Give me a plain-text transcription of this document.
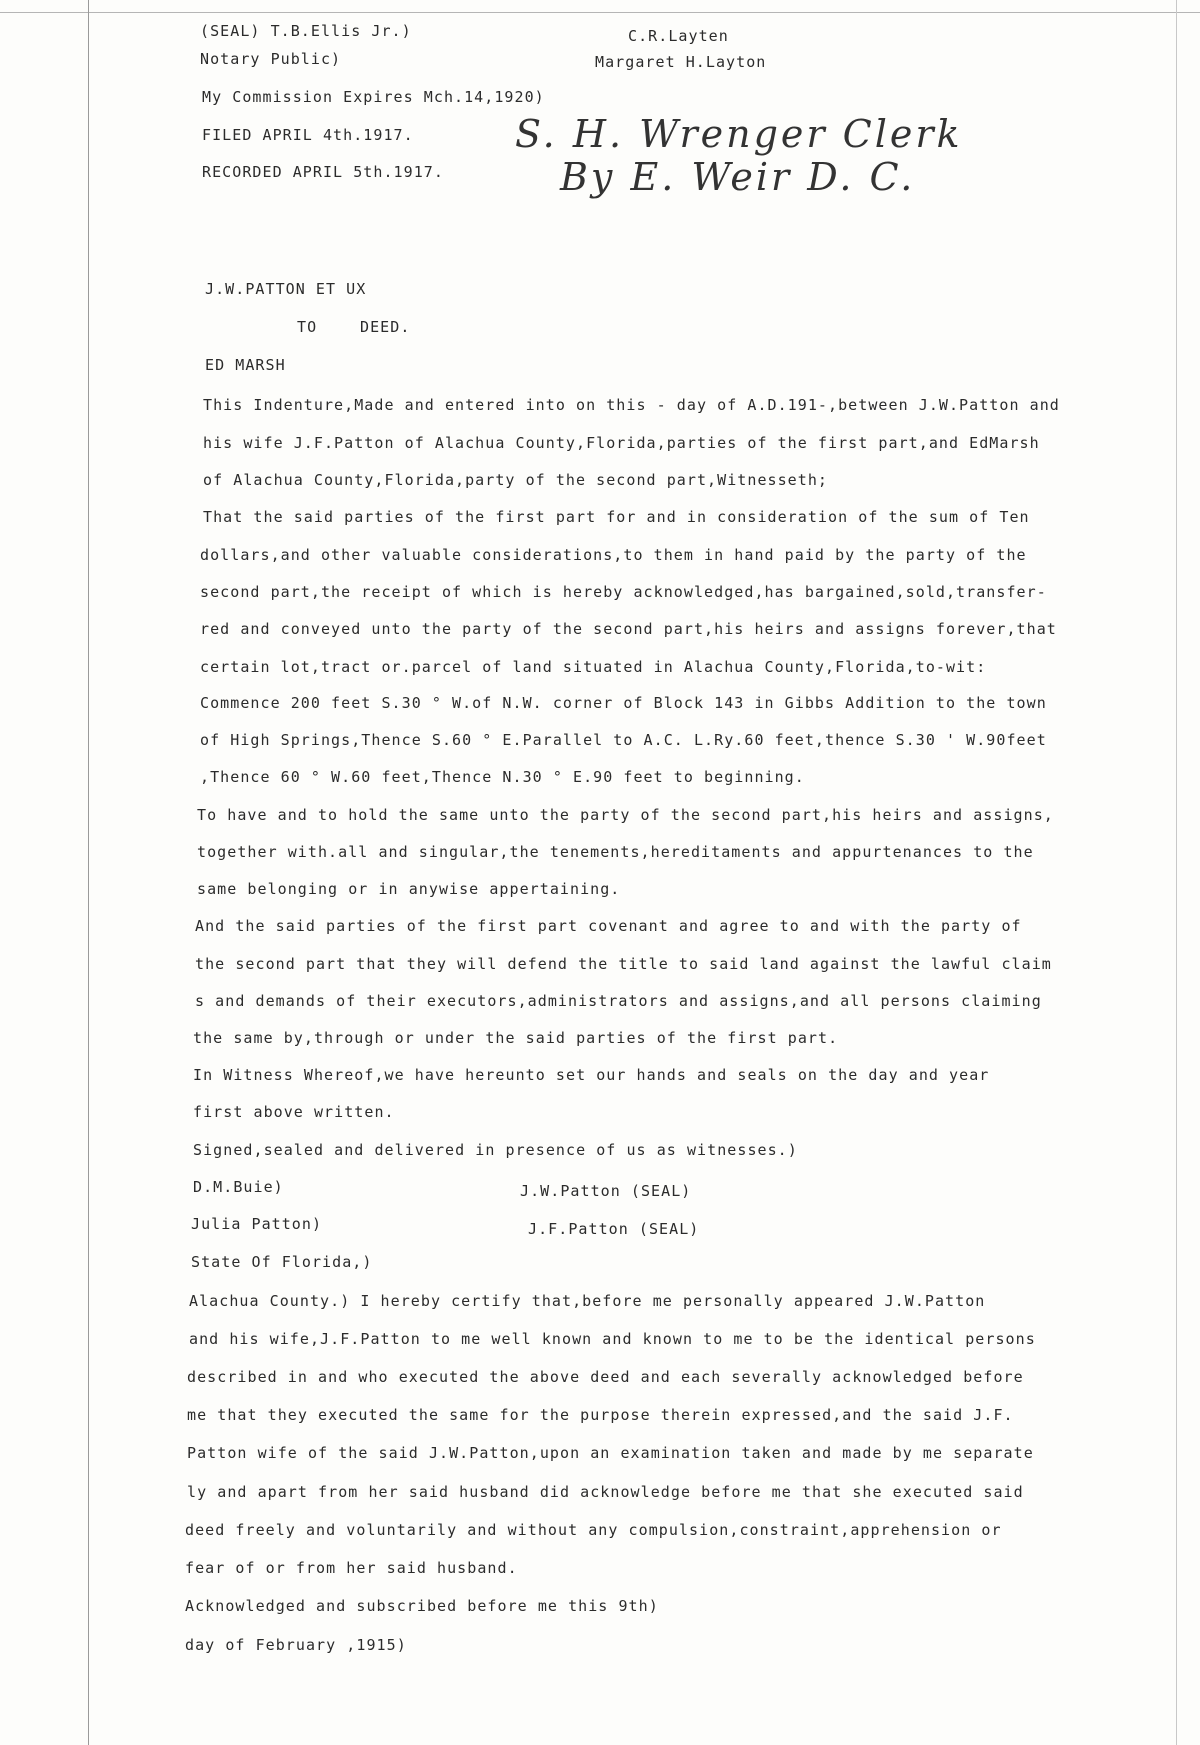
(SEAL) T.B.Ellis Jr.)
Notary Public)
C.R.Layten
Margaret H.Layton
My Commission Expires Mch.14,1920)
FILED APRIL 4th.1917.
RECORDED APRIL 5th.1917.
S. H. Wrenger Clerk
By E. Weir D. C.
J.W.PATTON ET UX
TO	DEED.
ED MARSH
This Indenture,Made and entered into on this - day of A.D.191-,between J.W.Patton and
his wife J.F.Patton of Alachua County,Florida,parties of the first part,and EdMarsh
of Alachua County,Florida,party of the second part,Witnesseth;
That the said parties of the first part for and in consideration of the sum of Ten
dollars,and other valuable considerations,to them in hand paid by the party of the
second part,the receipt of which is hereby acknowledged,has bargained,sold,transfer-
red and conveyed unto the party of the second part,his heirs and assigns forever,that
certain lot,tract or.parcel of land situated in Alachua County,Florida,to-wit:
Commence 200 feet S.30 ° W.of N.W. corner of Block 143 in Gibbs Addition to the town
of High Springs,Thence S.60 ° E.Parallel to A.C. L.Ry.60 feet,thence S.30 ' W.90feet
,Thence 60 ° W.60 feet,Thence N.30 ° E.90 feet to beginning.
To have and to hold the same unto the party of the second part,his heirs and assigns,
together with.all and singular,the tenements,hereditaments and appurtenances to the
same belonging or in anywise appertaining.
And the said parties of the first part covenant and agree to and with the party of
the second part that they will defend the title to said land against the lawful claim
s and demands of their executors,administrators and assigns,and all persons claiming
the same by,through or under the said parties of the first part.
In Witness Whereof,we have hereunto set our hands and seals on the day and year
first above written.
Signed,sealed and delivered in presence of us as witnesses.)
D.M.Buie)	J.W.Patton (SEAL)
Julia Patton)	J.F.Patton (SEAL)
State Of Florida,)
Alachua County.) I hereby certify that,before me personally appeared J.W.Patton
and his wife,J.F.Patton to me well known and known to me to be the identical persons
described in and who executed the above deed and each severally acknowledged before
me that they executed the same for the purpose therein expressed,and the said J.F.
Patton wife of the said J.W.Patton,upon an examination taken and made by me separate
ly and apart from her said husband did acknowledge before me that she executed said
deed freely and voluntarily and without any compulsion,constraint,apprehension or
fear of or from her said husband.
Acknowledged and subscribed before me this 9th)
day of February ,1915)
